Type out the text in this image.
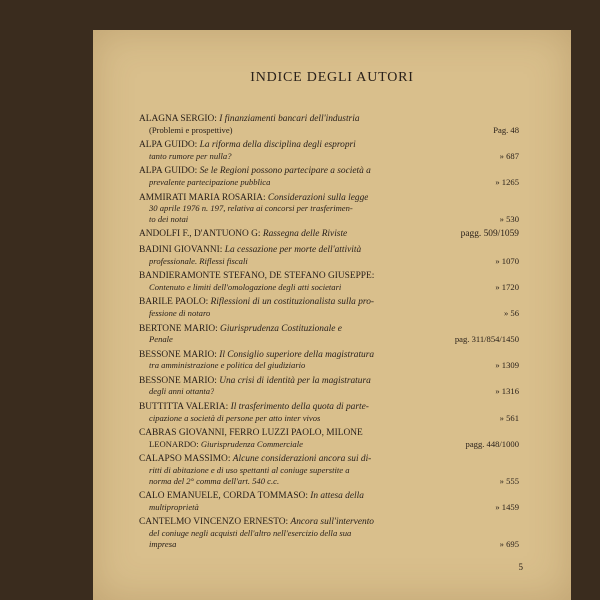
INDICE DEGLI AUTORI
ALAGNA SERGIO: I finanziamenti bancari dell'industria
(Problemi e prospettive)	Pag. 48
ALPA GUIDO: La riforma della disciplina degli espropri
tanto rumore per nulla?	» 687
ALPA GUIDO: Se le Regioni possono partecipare a società a
prevalente partecipazione pubblica	» 1265
AMMIRATI MARIA ROSARIA: Considerazioni sulla legge
30 aprile 1976 n. 197, relativa ai concorsi per trasferimen-
to dei notai	» 530
ANDOLFI F., D'ANTUONO G: Rassegna delle Riviste	pagg. 509/1059
BADINI GIOVANNI: La cessazione per morte dell'attività
professionale. Riflessi fiscali	» 1070
BANDIERAMONTE STEFANO, DE STEFANO GIUSEPPE:
Contenuto e limiti dell'omologazione degli atti societari	» 1720
BARILE PAOLO: Riflessioni di un costituzionalista sulla pro-
fessione di notaro	» 56
BERTONE MARIO: Giurisprudenza Costituzionale e
Penale	pag. 311/854/1450
BESSONE MARIO: Il Consiglio superiore della magistratura
tra amministrazione e politica del giudiziario	» 1309
BESSONE MARIO: Una crisi di identità per la magistratura
degli anni ottanta?	» 1316
BUTTITTA VALERIA: Il trasferimento della quota di parte-
cipazione a società di persone per atto inter vivos	» 561
CABRAS GIOVANNI, FERRO LUZZI PAOLO, MILONE
LEONARDO: Giurisprudenza Commerciale	pagg. 448/1000
CALAPSO MASSIMO: Alcune considerazioni ancora sui di-
ritti di abitazione e di uso spettanti al coniuge superstite a
norma del 2° comma dell'art. 540 c.c.	» 555
CALÒ EMANUELE, CORDA TOMMASO: In attesa della
multiproprietà	» 1459
CANTELMO VINCENZO ERNESTO: Ancora sull'intervento
del coniuge negli acquisti dell'altro nell'esercizio della sua
impresa	» 695
5
